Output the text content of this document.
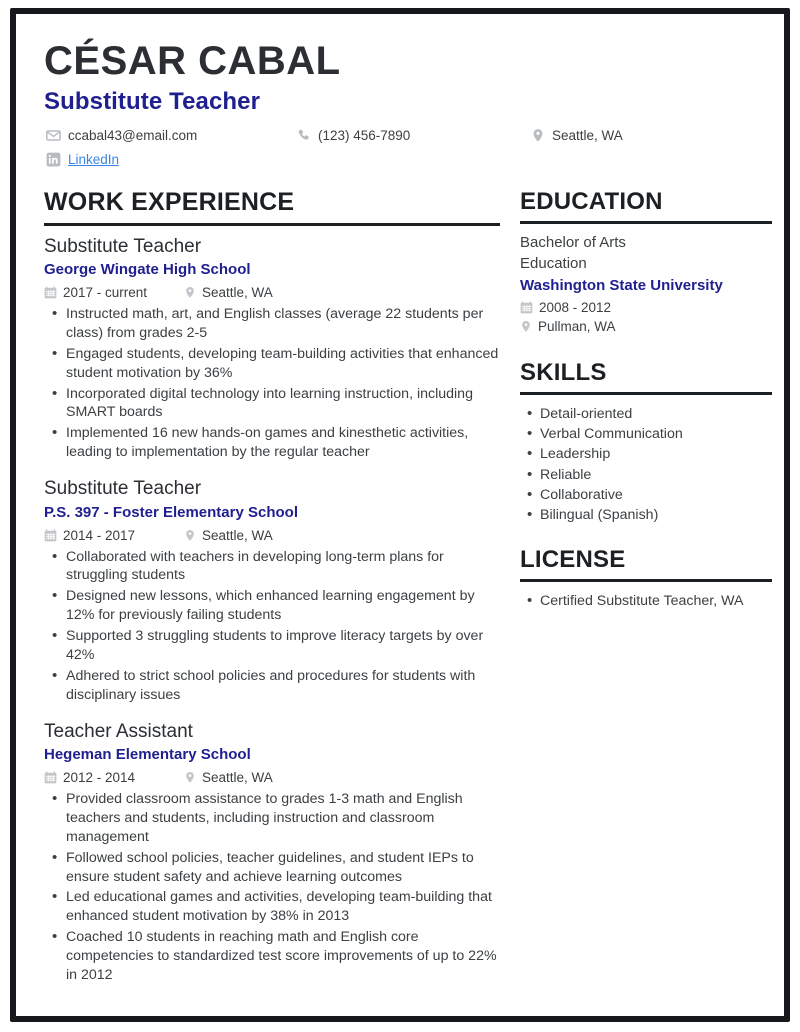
CÉSAR CABAL
Substitute Teacher
ccabal43@email.com	(123) 456-7890	Seattle, WA
LinkedIn
WORK EXPERIENCE
Substitute Teacher
George Wingate High School
2017 - current	Seattle, WA
• Instructed math, art, and English classes (average 22 students per class) from grades 2-5
• Engaged students, developing team-building activities that enhanced student motivation by 36%
• Incorporated digital technology into learning instruction, including SMART boards
• Implemented 16 new hands-on games and kinesthetic activities, leading to implementation by the regular teacher
Substitute Teacher
P.S. 397 - Foster Elementary School
2014 - 2017	Seattle, WA
• Collaborated with teachers in developing long-term plans for struggling students
• Designed new lessons, which enhanced learning engagement by 12% for previously failing students
• Supported 3 struggling students to improve literacy targets by over 42%
• Adhered to strict school policies and procedures for students with disciplinary issues
Teacher Assistant
Hegeman Elementary School
2012 - 2014	Seattle, WA
• Provided classroom assistance to grades 1-3 math and English teachers and students, including instruction and classroom management
• Followed school policies, teacher guidelines, and student IEPs to ensure student safety and achieve learning outcomes
• Led educational games and activities, developing team-building that enhanced student motivation by 38% in 2013
• Coached 10 students in reaching math and English core competencies to standardized test score improvements of up to 22% in 2012
EDUCATION
Bachelor of Arts
Education
Washington State University
2008 - 2012
Pullman, WA
SKILLS
• Detail-oriented
• Verbal Communication
• Leadership
• Reliable
• Collaborative
• Bilingual (Spanish)
LICENSE
• Certified Substitute Teacher, WA
